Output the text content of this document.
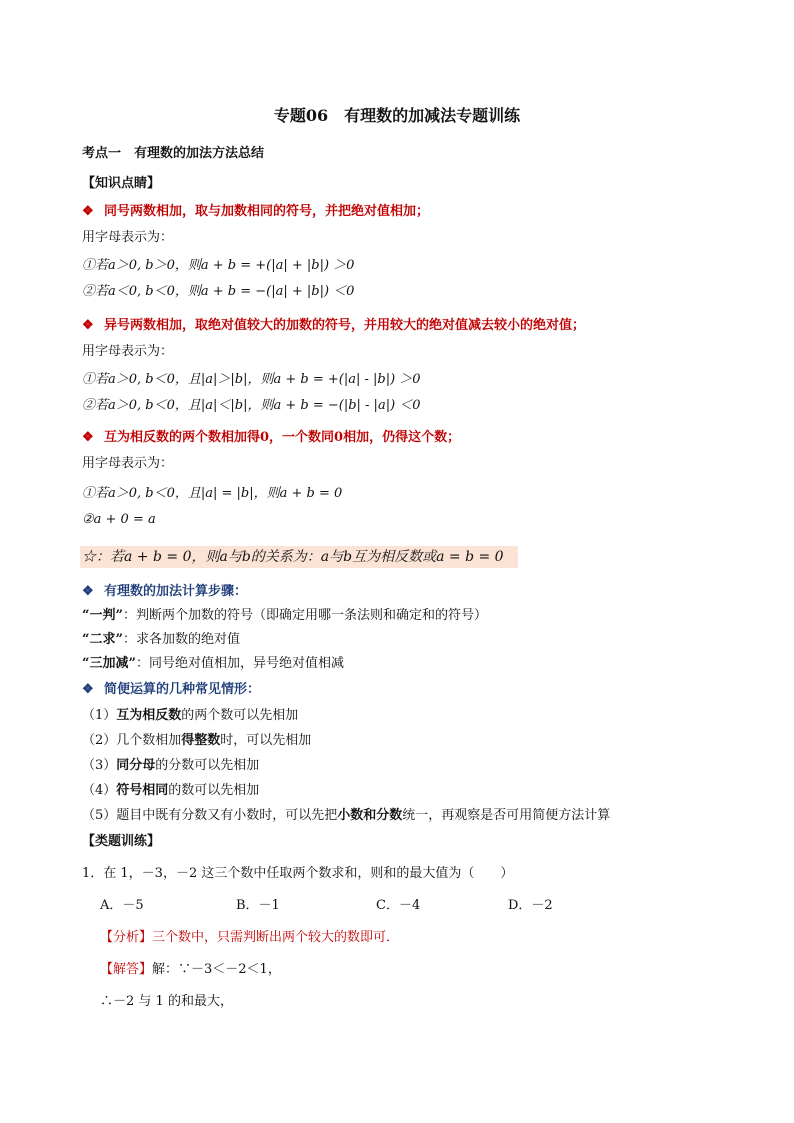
专题06　有理数的加减法专题训练
考点一　有理数的加法方法总结
【知识点睛】
❖ 同号两数相加，取与加数相同的符号，并把绝对值相加；
用字母表示为：
①若a＞0, b＞0，则a + b = +(|a| + |b|) ＞0
②若a＜0, b＜0，则a + b = −(|a| + |b|) ＜0
❖ 异号两数相加，取绝对值较大的加数的符号，并用较大的绝对值减去较小的绝对值；
用字母表示为：
①若a＞0, b＜0，且|a|＞|b|，则a + b = +(|a| - |b|) ＞0
②若a＞0, b＜0，且|a|＜|b|，则a + b = −(|b| - |a|) ＜0
❖ 互为相反数的两个数相加得0，一个数同0相加，仍得这个数；
用字母表示为：
①若a＞0, b＜0，且|a| = |b|，则a + b = 0
②a + 0 = a
☆：若a + b = 0，则a与b的关系为：a与b互为相反数或a = b = 0
❖ 有理数的加法计算步骤：
“一判”：判断两个加数的符号（即确定用哪一条法则和确定和的符号）
“二求”：求各加数的绝对值
“三加减”：同号绝对值相加，异号绝对值相减
❖ 简便运算的几种常见情形：
（1）互为相反数的两个数可以先相加
（2）几个数相加得整数时，可以先相加
（3）同分母的分数可以先相加
（4）符号相同的数可以先相加
（5）题目中既有分数又有小数时，可以先把小数和分数统一，再观察是否可用简便方法计算
【类题训练】
1．在 1，－3，－2 这三个数中任取两个数求和，则和的最大值为（　　）
A．－5	B．－1	C．－4	D．－2
【分析】三个数中，只需判断出两个较大的数即可．
【解答】解：∵－3＜－2＜1，
∴－2 与 1 的和最大，
